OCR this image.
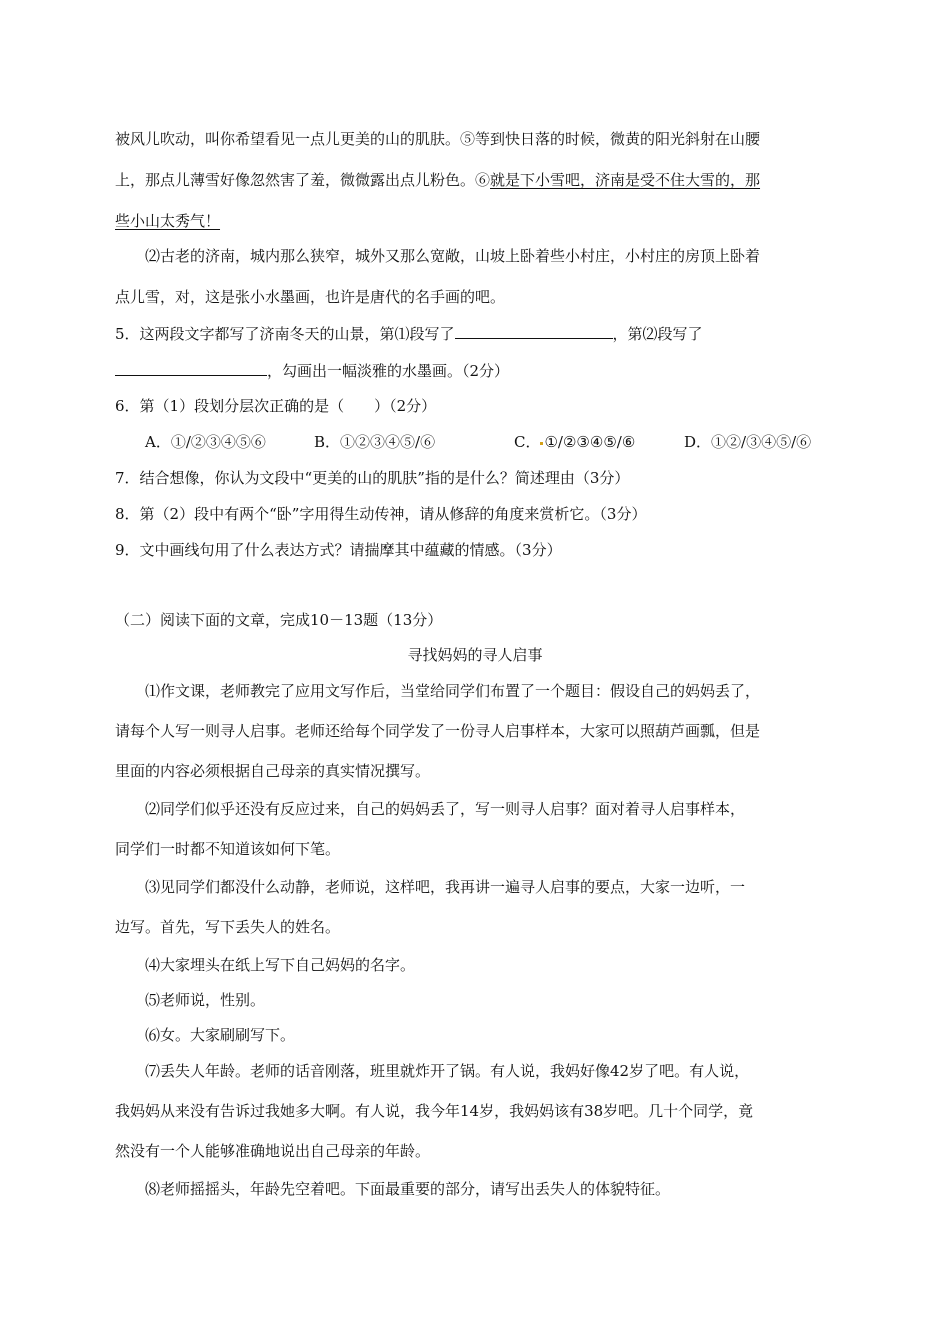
被风儿吹动，叫你希望看见一点儿更美的山的肌肤。⑤等到快日落的时候，微黄的阳光斜射在山腰
上，那点儿薄雪好像忽然害了羞，微微露出点儿粉色。⑥就是下小雪吧，济南是受不住大雪的，那
些小山太秀气！
⑵古老的济南，城内那么狭窄，城外又那么宽敞，山坡上卧着些小村庄，小村庄的房顶上卧着
点儿雪，对，这是张小水墨画，也许是唐代的名手画的吧。
5．这两段文字都写了济南冬天的山景，第⑴段写了	，第⑵段写了
，勾画出一幅淡雅的水墨画。（2分）
6．第（1）段划分层次正确的是（　　）（2分）
A．①/②③④⑤⑥	B．①②③④⑤/⑥	C． ①/②③④⑤/⑥	D．①②/③④⑤/⑥
7．结合想像，你认为文段中“更美的山的肌肤”指的是什么？简述理由（3分）
8．第（2）段中有两个“卧”字用得生动传神，请从修辞的角度来赏析它。（3分）
9．文中画线句用了什么表达方式？请揣摩其中蕴藏的情感。（3分）
（二）阅读下面的文章，完成10－13题（13分）
寻找妈妈的寻人启事
⑴作文课，老师教完了应用文写作后，当堂给同学们布置了一个题目：假设自己的妈妈丢了，
请每个人写一则寻人启事。老师还给每个同学发了一份寻人启事样本，大家可以照葫芦画瓢，但是
里面的内容必须根据自己母亲的真实情况撰写。
⑵同学们似乎还没有反应过来，自己的妈妈丢了，写一则寻人启事？面对着寻人启事样本，
同学们一时都不知道该如何下笔。
⑶见同学们都没什么动静，老师说，这样吧，我再讲一遍寻人启事的要点，大家一边听，一
边写。首先，写下丢失人的姓名。
⑷大家埋头在纸上写下自己妈妈的名字。
⑸老师说，性别。
⑹女。大家刷刷写下。
⑺丢失人年龄。老师的话音刚落，班里就炸开了锅。有人说，我妈好像42岁了吧。有人说，
我妈妈从来没有告诉过我她多大啊。有人说，我今年14岁，我妈妈该有38岁吧。几十个同学，竟
然没有一个人能够准确地说出自己母亲的年龄。
⑻老师摇摇头，年龄先空着吧。下面最重要的部分，请写出丢失人的体貌特征。
